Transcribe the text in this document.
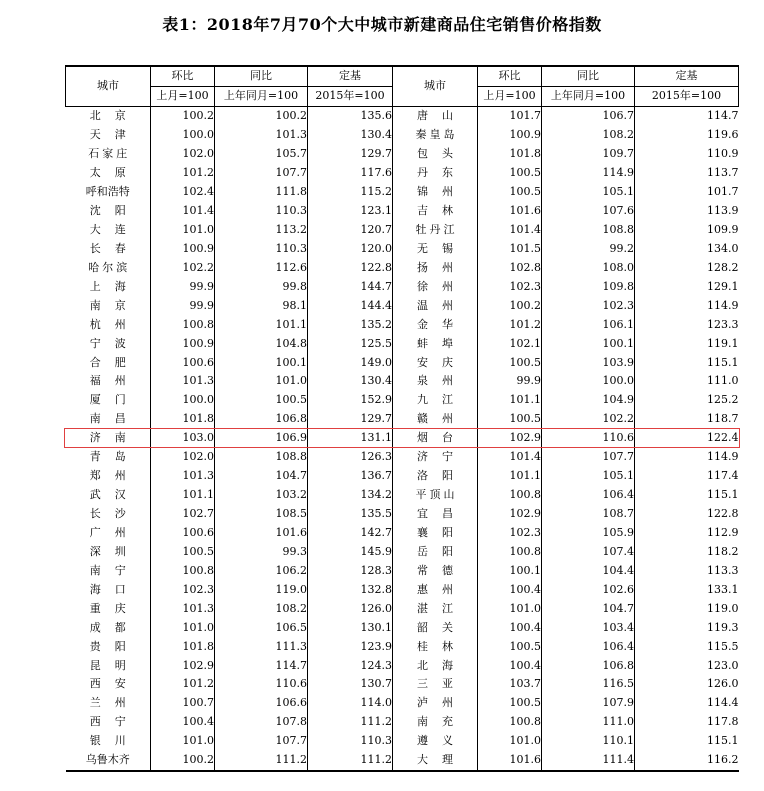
表1：2018年7月70个大中城市新建商品住宅销售价格指数
城市	环比	同比	定基	城市	环比	同比	定基
	上月=100	上年同月=100	2015年=100		上月=100	上年同月=100	2015年=100
北京	100.2	100.2	135.6	唐山	101.7	106.7	114.7
天津	100.0	101.3	130.4	秦皇岛	100.9	108.2	119.6
石家庄	102.0	105.7	129.7	包头	101.8	109.7	110.9
太原	101.2	107.7	117.6	丹东	100.5	114.9	113.7
呼和浩特	102.4	111.8	115.2	锦州	100.5	105.1	101.7
沈阳	101.4	110.3	123.1	吉林	101.6	107.6	113.9
大连	101.0	113.2	120.7	牡丹江	101.4	108.8	109.9
长春	100.9	110.3	120.0	无锡	101.5	99.2	134.0
哈尔滨	102.2	112.6	122.8	扬州	102.8	108.0	128.2
上海	99.9	99.8	144.7	徐州	102.3	109.8	129.1
南京	99.9	98.1	144.4	温州	100.2	102.3	114.9
杭州	100.8	101.1	135.2	金华	101.2	106.1	123.3
宁波	100.9	104.8	125.5	蚌埠	102.1	100.1	119.1
合肥	100.6	100.1	149.0	安庆	100.5	103.9	115.1
福州	101.3	101.0	130.4	泉州	99.9	100.0	111.0
厦门	100.0	100.5	152.9	九江	101.1	104.9	125.2
南昌	101.8	106.8	129.7	赣州	100.5	102.2	118.7
济南	103.0	106.9	131.1	烟台	102.9	110.6	122.4
青岛	102.0	108.8	126.3	济宁	101.4	107.7	114.9
郑州	101.3	104.7	136.7	洛阳	101.1	105.1	117.4
武汉	101.1	103.2	134.2	平顶山	100.8	106.4	115.1
长沙	102.7	108.5	135.5	宜昌	102.9	108.7	122.8
广州	100.6	101.6	142.7	襄阳	102.3	105.9	112.9
深圳	100.5	99.3	145.9	岳阳	100.8	107.4	118.2
南宁	100.8	106.2	128.3	常德	100.1	104.4	113.3
海口	102.3	119.0	132.8	惠州	100.4	102.6	133.1
重庆	101.3	108.2	126.0	湛江	101.0	104.7	119.0
成都	101.0	106.5	130.1	韶关	100.4	103.4	119.3
贵阳	101.8	111.3	123.9	桂林	100.5	106.4	115.5
昆明	102.9	114.7	124.3	北海	100.4	106.8	123.0
西安	101.2	110.6	130.7	三亚	103.7	116.5	126.0
兰州	100.7	106.6	114.0	泸州	100.5	107.9	114.4
西宁	100.4	107.8	111.2	南充	100.8	111.0	117.8
银川	101.0	107.7	110.3	遵义	101.0	110.1	115.1
乌鲁木齐	100.2	111.2	111.2	大理	101.6	111.4	116.2
